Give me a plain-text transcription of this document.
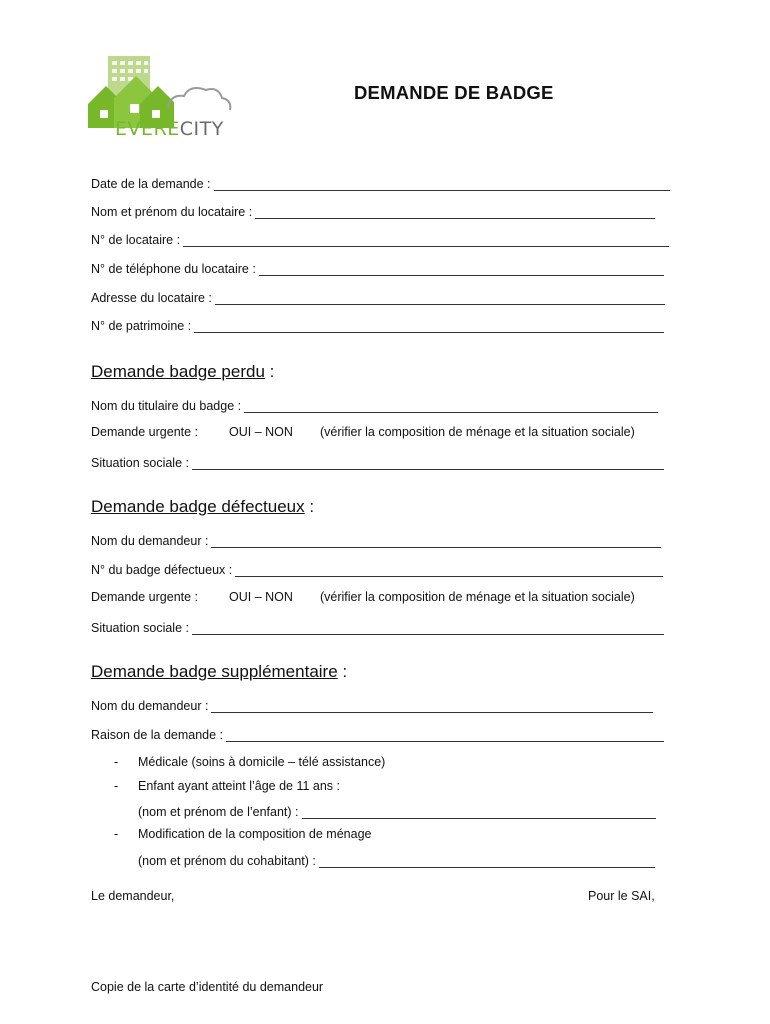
EVERECITY
DEMANDE DE BADGE
Date de la demande :
Nom et prénom du locataire :
N° de locataire :
N° de téléphone du locataire :
Adresse du locataire :
N° de patrimoine :
Demande badge perdu :
Nom du titulaire du badge :
Demande urgente : OUI – NON (vérifier la composition de ménage et la situation sociale)
Situation sociale :
Demande badge défectueux :
Nom du demandeur :
N° du badge défectueux :
Demande urgente : OUI – NON (vérifier la composition de ménage et la situation sociale)
Situation sociale :
Demande badge supplémentaire :
Nom du demandeur :
Raison de la demande :
- Médicale (soins à domicile – télé assistance)
- Enfant ayant atteint l’âge de 11 ans :
(nom et prénom de l’enfant) :
- Modification de la composition de ménage
(nom et prénom du cohabitant) :
Le demandeur,	Pour le SAI,
Copie de la carte d’identité du demandeur
